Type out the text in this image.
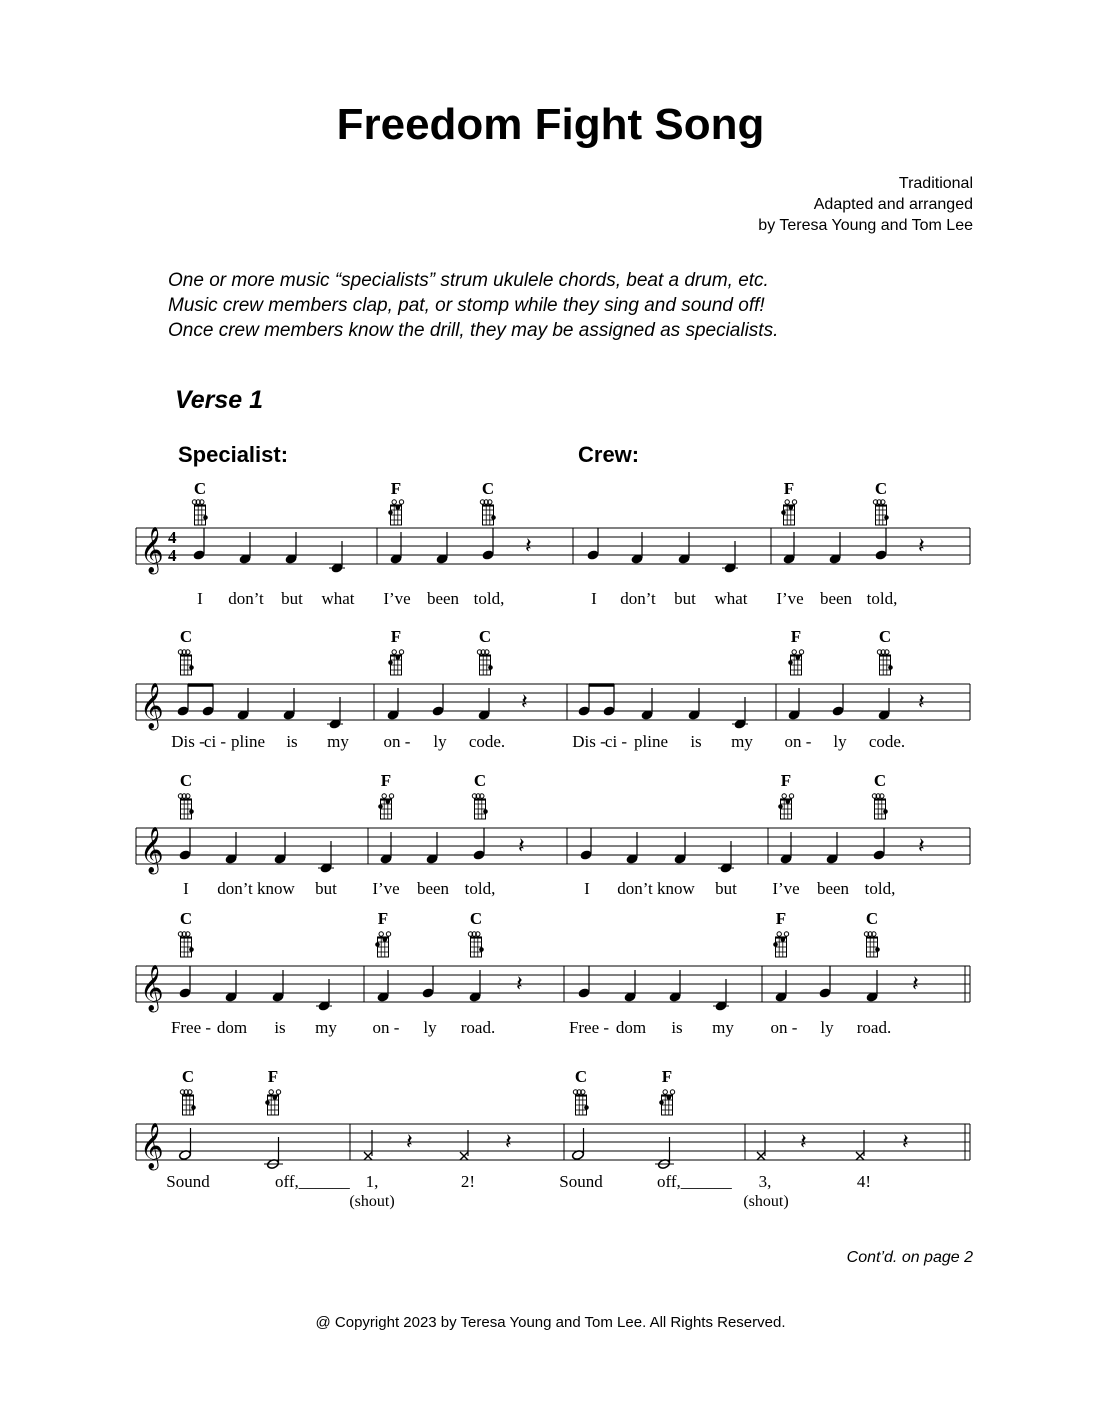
Freedom Fight Song
Traditional
Adapted and arranged
by Teresa Young and Tom Lee
One or more music “specialists” strum ukulele chords, beat a drum, etc.
Music crew members clap, pat, or stomp while they sing and sound off!
Once crew members know the drill, they may be assigned as specialists.
Verse 1
Specialist:	Crew:
𝄞 4
4	𝄽	𝄽
C	F	C	F	C
I don’t but what I’ve been told,	I don’t but what I’ve been told,
𝄞	𝄽	𝄽
C	F	C	F	C
Dis - ci - pline is my on - ly code.	Dis - ci - pline is my on - ly code.
𝄞	𝄽	𝄽
C	F	C	F	C
I don’t know but I’ve been told,	I don’t know but I’ve been told,
𝄞	𝄽	𝄽
C	F	C	F	C
Free - dom is my on - ly road.	Free - dom is my on - ly road.
𝄞	𝄽	𝄽	𝄽	𝄽
C	F	C	F
Sound	off,______ 1,	2!	Sound	off,______ 3,	4!
(shout)	(shout)
Cont’d. on page 2
@ Copyright 2023 by Teresa Young and Tom Lee. All Rights Reserved.
